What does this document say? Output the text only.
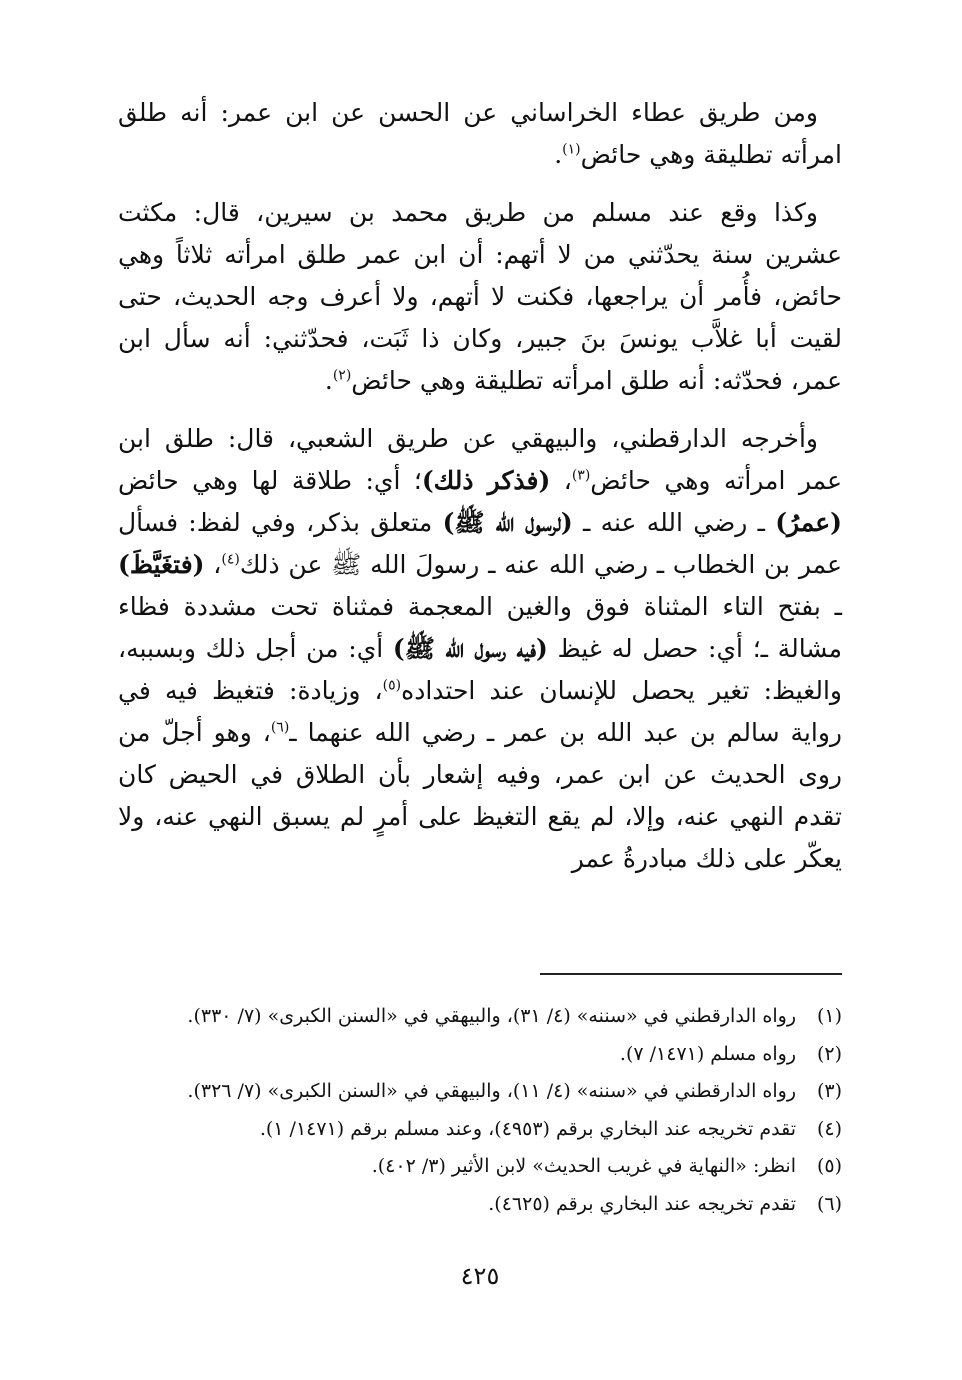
ومن طريق عطاء الخراساني عن الحسن عن ابن عمر: أنه طلق امرأته تطليقة وهي حائض$^{(١)}$.

وكذا وقع عند مسلم من طريق محمد بن سيرين، قال: مكثت عشرين سنة يحدّثني من لا أتهم: أن ابن عمر طلق امرأته ثلاثاً وهي حائض، فأُمر أن يراجعها، فكنت لا أتهم، ولا أعرف وجه الحديث، حتى لقيت أبا غلاَّب يونسَ بنَ جبير، وكان ذا ثَبَت، فحدّثني: أنه سأل ابن عمر، فحدّثه: أنه طلق امرأته تطليقة وهي حائض$^{(٢)}$.

وأخرجه الدارقطني، والبيهقي عن طريق الشعبي، قال: طلق ابن عمر امرأته وهي حائض$^{(٣)}$، (فذكر ذلك)؛ أي: طلاقة لها وهي حائض (عمرُ) ـ رضي الله عنه ـ (لرسول الله ﷺ) متعلق بذكر، وفي لفظ: فسأل عمر بن الخطاب ـ رضي الله عنه ـ رسولَ الله ﷺ عن ذلك$^{(٤)}$، (فتغَيَّظَ) ـ بفتح التاء المثناة فوق والغين المعجمة فمثناة تحت مشددة فظاء مشالة ـ؛ أي: حصل له غيظ (فيه رسول الله ﷺ) أي: من أجل ذلك وبسببه، والغيظ: تغير يحصل للإنسان عند احتداده$^{(٥)}$، وزيادة: فتغيظ فيه في رواية سالم بن عبد الله بن عمر ـ رضي الله عنهما ـ$^{(٦)}$، وهو أجلّ من روى الحديث عن ابن عمر، وفيه إشعار بأن الطلاق في الحيض كان تقدم النهي عنه، وإلا، لم يقع التغيظ على أمرٍ لم يسبق النهي عنه، ولا يعكّر على ذلك مبادرةُ عمر

(١)رواه الدارقطني في «سننه» (٤/ ٣١)، والبيهقي في «السنن الكبرى» (٧/ ٣٣٠).
(٢)رواه مسلم (١٤٧١/ ٧).
(٣)رواه الدارقطني في «سننه» (٤/ ١١)، والبيهقي في «السنن الكبرى» (٧/ ٣٢٦).
(٤)تقدم تخريجه عند البخاري برقم (٤٩٥٣)، وعند مسلم برقم (١٤٧١/ ١).
(٥)انظر: «النهاية في غريب الحديث» لابن الأثير (٣/ ٤٠٢).
(٦)تقدم تخريجه عند البخاري برقم (٤٦٢٥).
٤٢٥
